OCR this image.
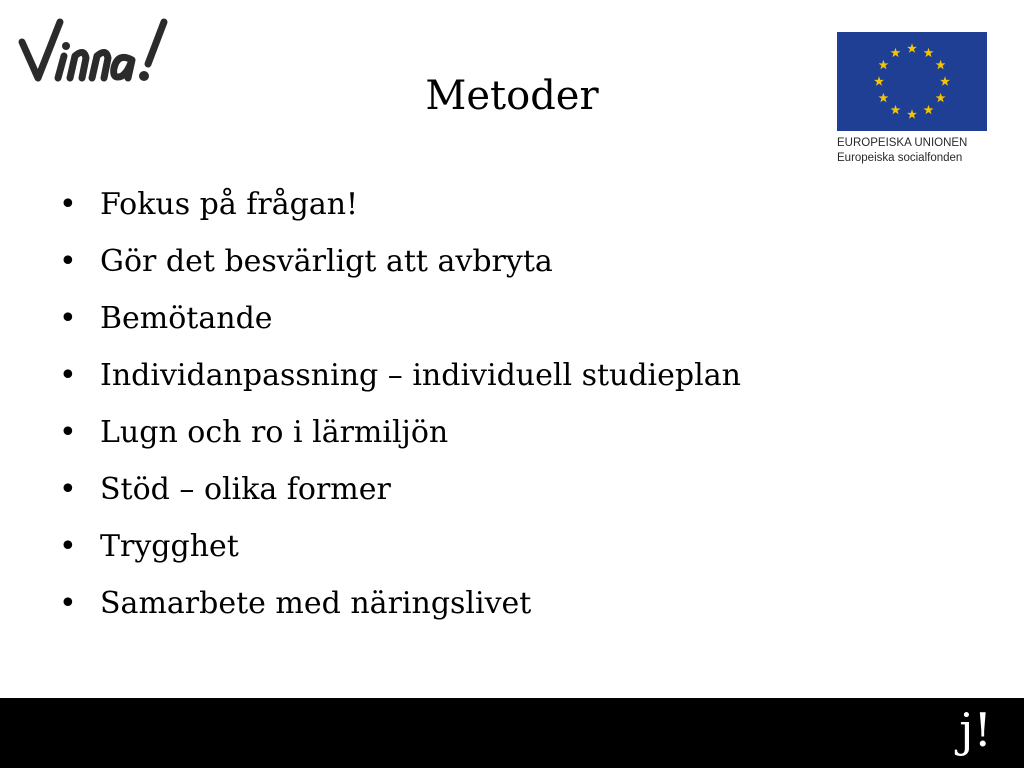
Metoder
EUROPEISKA UNIONEN
Europeiska socialfonden
• Fokus på frågan!
• Gör det besvärligt att avbryta
• Bemötande
• Individanpassning – individuell studieplan
• Lugn och ro i lärmiljön
• Stöd – olika former
• Trygghet
• Samarbete med näringslivet
j!
